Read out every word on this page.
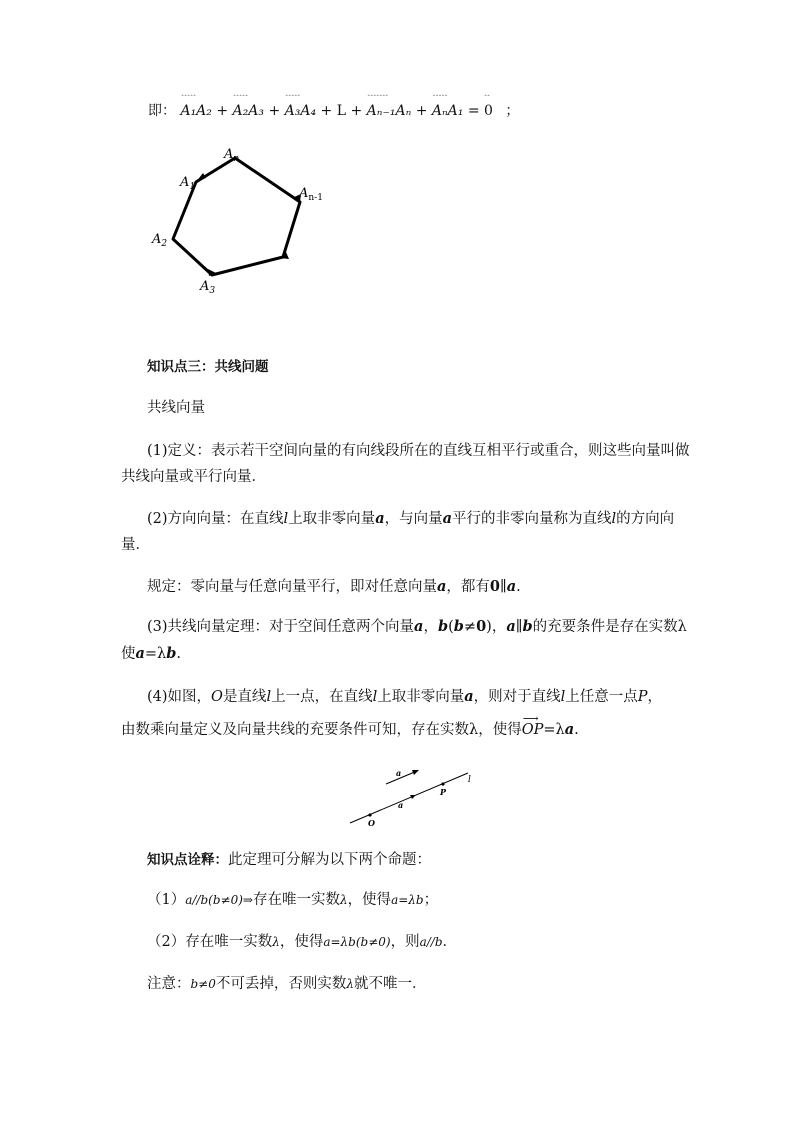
即：
ˆˆˆˆˆ
A₁A₂ +
ˆˆˆˆˆ
A₂A₃ +
ˆˆˆˆˆ
A₃A₄ + L +
ˆˆˆˆˆˆˆ
Aₙ₋₁Aₙ +
ˆˆˆˆˆ
AₙA₁ =
ˆˆ
0 ；
$A_1$
$A_n$
$A_{n-1}$
$A_2$
$A_3$
知识点三：共线问题
共线向量
(1)定义：表示若干空间向量的有向线段所在的直线互相平行或重合，则这些向量叫做
共线向量或平行向量．
(2)方向向量：在直线l上取非零向量a，与向量a平行的非零向量称为直线l的方向向
量．
规定：零向量与任意向量平行，即对任意向量a，都有0∥a.
(3)共线向量定理：对于空间任意两个向量a，b(b≠0)，a∥b的充要条件是存在实数λ
使a=λb.
(4)如图，O是直线l上一点，在直线l上取非零向量a，则对于直线l上任意一点P，
由数乘向量定义及向量共线的充要条件可知，存在实数λ，使得
⟶
OP=λa.
a
a
P
O
l
知识点诠释：此定理可分解为以下两个命题：
（1）a//b(b≠0)⇒存在唯一实数λ，使得a=λb；
（2）存在唯一实数λ，使得a=λb(b≠0)，则a//b．
注意：b≠0不可丢掉，否则实数λ就不唯一．
